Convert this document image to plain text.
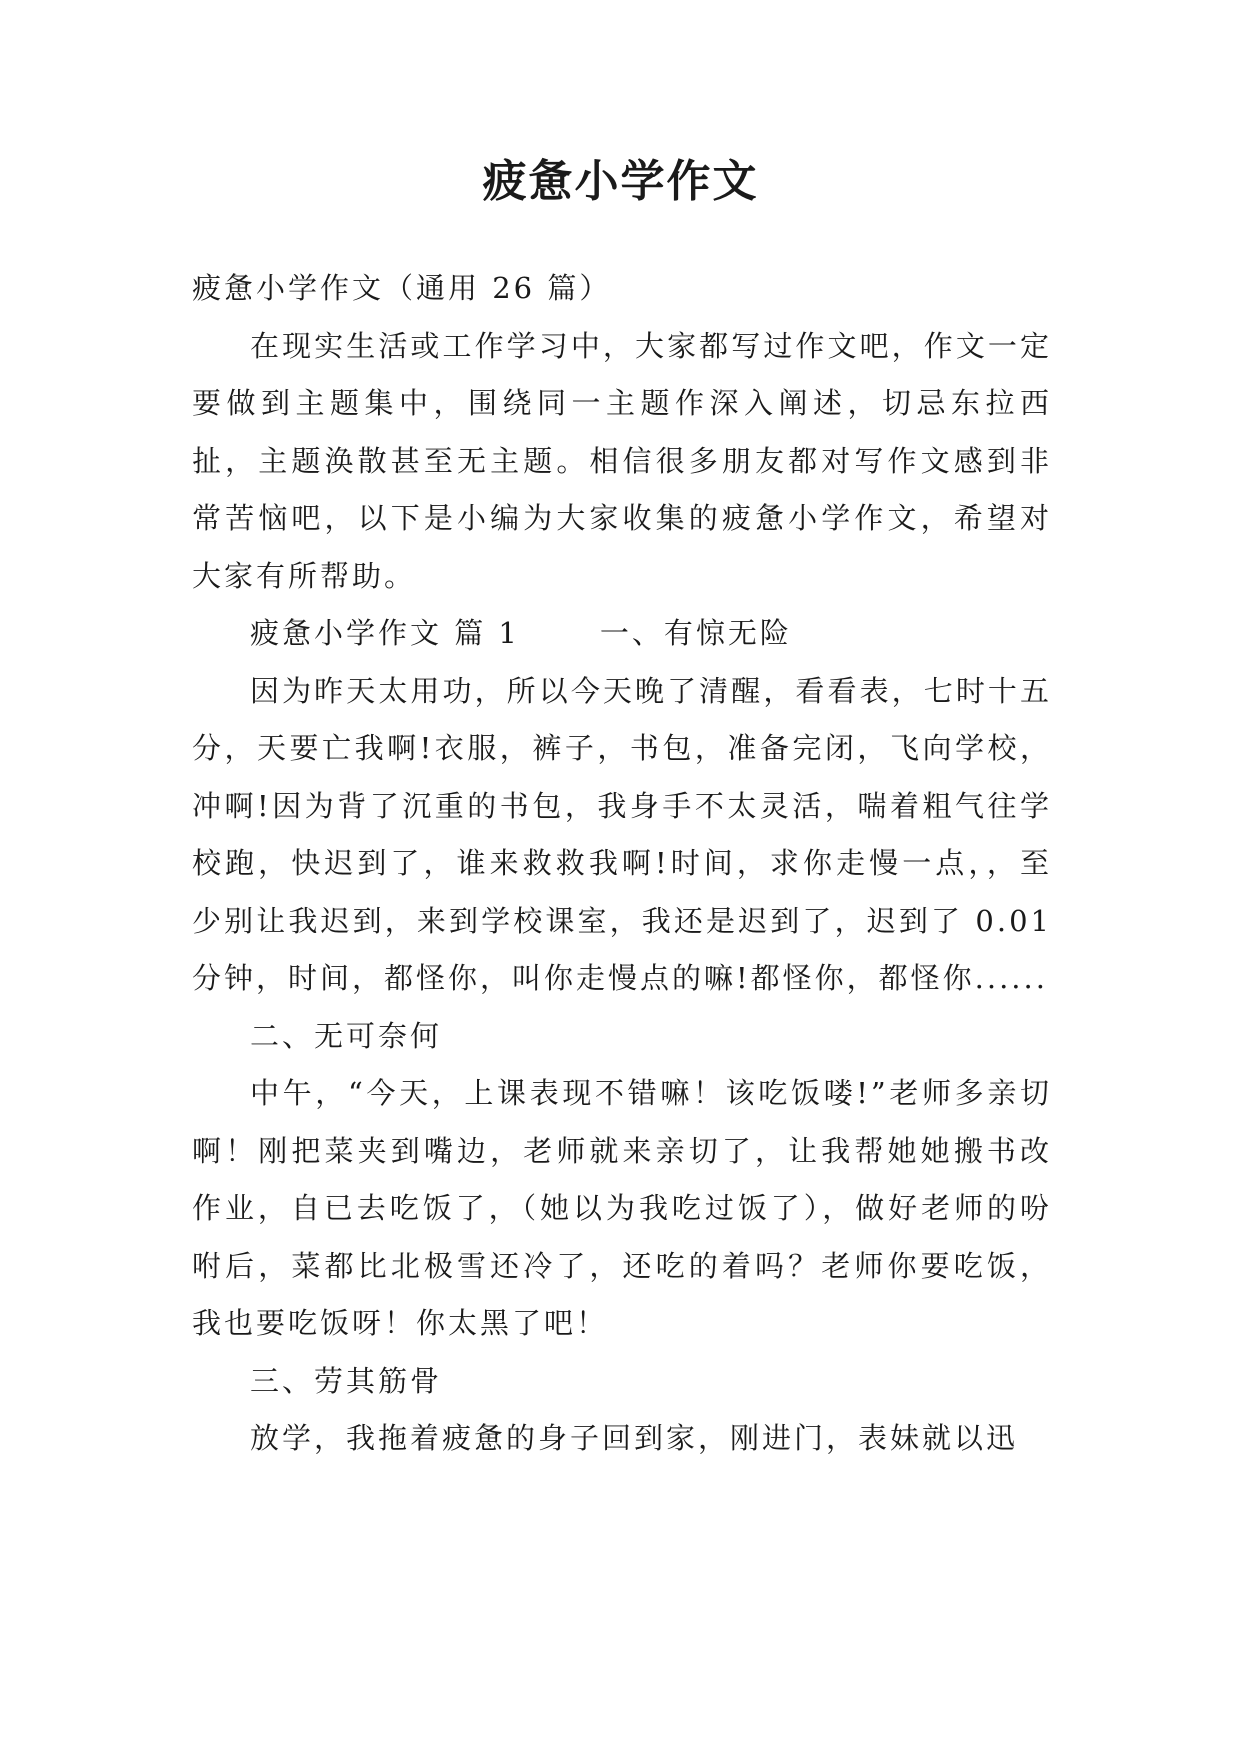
疲惫小学作文

疲惫小学作文（通用 26 篇）

在现实生活或工作学习中，大家都写过作文吧，作文一定要做到主题集中，围绕同一主题作深入阐述，切忌东拉西扯，主题涣散甚至无主题。相信很多朋友都对写作文感到非常苦恼吧，以下是小编为大家收集的疲惫小学作文，希望对大家有所帮助。

疲惫小学作文 篇 1	一、有惊无险

因为昨天太用功，所以今天晚了清醒，看看表，七时十五分，天要亡我啊!衣服，裤子，书包，准备完闭，飞向学校，冲啊!因为背了沉重的书包，我身手不太灵活，喘着粗气往学校跑，快迟到了，谁来救救我啊!时间，求你走慢一点，，至少别让我迟到，来到学校课室，我还是迟到了，迟到了 0.01 分钟，时间，都怪你，叫你走慢点的嘛!都怪你，都怪你......

二、无可奈何

中午，“今天，上课表现不错嘛！该吃饭喽!”老师多亲切啊！刚把菜夹到嘴边，老师就来亲切了，让我帮她她搬书改作业，自已去吃饭了，（她以为我吃过饭了），做好老师的吩咐后，菜都比北极雪还冷了，还吃的着吗？老师你要吃饭，我也要吃饭呀！你太黑了吧！

三、劳其筋骨

放学，我拖着疲惫的身子回到家，刚进门，表妹就以迅
